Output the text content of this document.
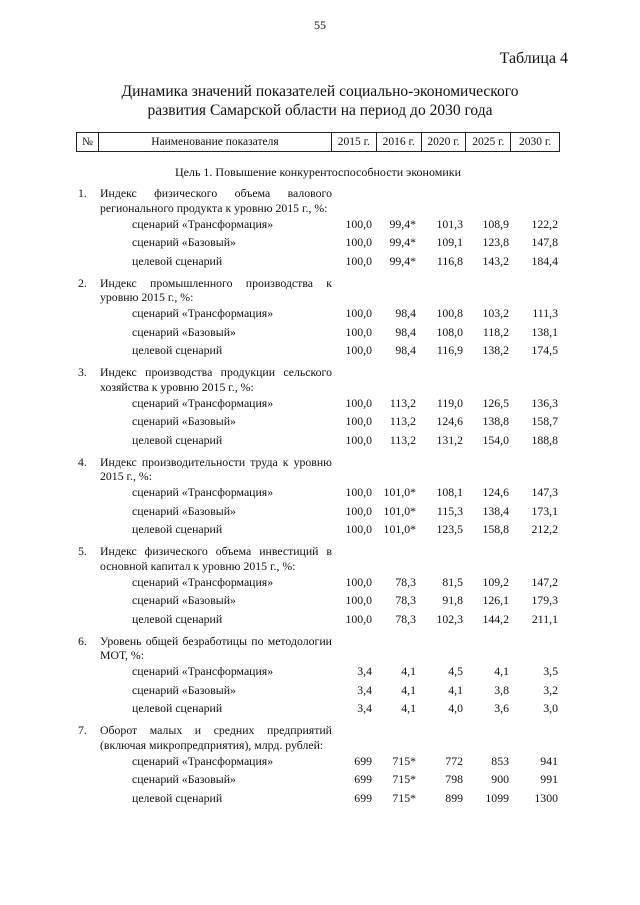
55
Таблица 4
Динамика значений показателей социально-экономического
развития Самарской области на период до 2030 года
№	Наименование показателя	2015 г.	2016 г.	2020 г.	2025 г.	2030 г.
Цель 1. Повышение конкурентоспособности экономики
1.	Индекс физического объема валового регионального продукта к уровню 2015 г., %:
сценарий «Трансформация»	100,0	99,4*	101,3	108,9	122,2
сценарий «Базовый»	100,0	99,4*	109,1	123,8	147,8
целевой сценарий	100,0	99,4*	116,8	143,2	184,4
2.	Индекс промышленного производства к уровню 2015 г., %:
сценарий «Трансформация»	100,0	98,4	100,8	103,2	111,3
сценарий «Базовый»	100,0	98,4	108,0	118,2	138,1
целевой сценарий	100,0	98,4	116,9	138,2	174,5
3.	Индекс производства продукции сельского хозяйства к уровню 2015 г., %:
сценарий «Трансформация»	100,0	113,2	119,0	126,5	136,3
сценарий «Базовый»	100,0	113,2	124,6	138,8	158,7
целевой сценарий	100,0	113,2	131,2	154,0	188,8
4.	Индекс производительности труда к уровню 2015 г., %:
сценарий «Трансформация»	100,0 101,0*	108,1	124,6	147,3
сценарий «Базовый»	100,0 101,0*	115,3	138,4	173,1
целевой сценарий	100,0 101,0*	123,5	158,8	212,2
5.	Индекс физического объема инвестиций в основной капитал к уровню 2015 г., %:
сценарий «Трансформация»	100,0	78,3	81,5	109,2	147,2
сценарий «Базовый»	100,0	78,3	91,8	126,1	179,3
целевой сценарий	100,0	78,3	102,3	144,2	211,1
6.	Уровень общей безработицы по методологии МОТ, %:
сценарий «Трансформация»	3,4	4,1	4,5	4,1	3,5
сценарий «Базовый»	3,4	4,1	4,1	3,8	3,2
целевой сценарий	3,4	4,1	4,0	3,6	3,0
7.	Оборот малых и средних предприятий (включая микропредприятия), млрд. рублей:
сценарий «Трансформация»	699	715*	772	853	941
сценарий «Базовый»	699	715*	798	900	991
целевой сценарий	699	715*	899	1099	1300
